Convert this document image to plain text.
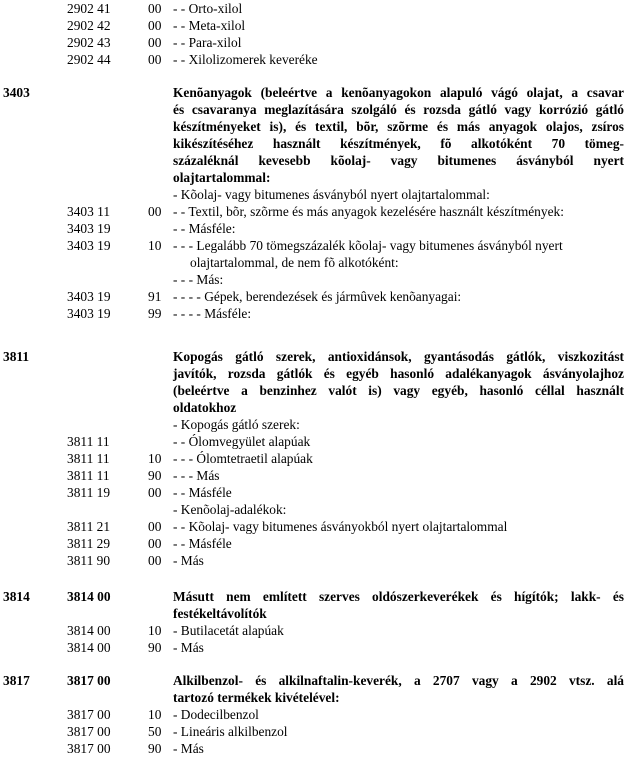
2902 41	00 - - Orto-xilol
2902 42	00 - - Meta-xilol
2902 43	00 - - Para-xilol
2902 44	00 - - Xilolizomerek keveréke
3403	Kenõanyagok (beleértve a kenõanyagokon alapuló vágó olajat, a csavar
és csavaranya meglazítására szolgáló és rozsda gátló vagy korrózió gátló
készítményeket is), és textil, bõr, szõrme és más anyagok olajos, zsíros
kikészítéséhez használt készítmények, fõ alkotóként 70 tömeg-
százaléknál kevesebb kõolaj- vagy bitumenes ásványból nyert
olajtartalommal:
- Kõolaj- vagy bitumenes ásványból nyert olajtartalommal:
3403 11	00 - - Textil, bõr, szõrme és más anyagok kezelésére használt készítmények:
3403 19	- - Másféle:
3403 19	10 - - - Legalább 70 tömegszázalék kõolaj- vagy bitumenes ásványból nyert
olajtartalommal, de nem fõ alkotóként:
- - - Más:
3403 19	91 - - - - Gépek, berendezések és jármûvek kenõanyagai:
3403 19	99 - - - - Másféle:
3811	Kopogás gátló szerek, antioxidánsok, gyantásodás gátlók, viszkozitást
javítók, rozsda gátlók és egyéb hasonló adalékanyagok ásványolajhoz
(beleértve a benzinhez valót is) vagy egyéb, hasonló céllal használt
oldatokhoz
- Kopogás gátló szerek:
3811 11	- - Ólomvegyület alapúak
3811 11	10 - - - Ólomtetraetil alapúak
3811 11	90 - - - Más
3811 19	00 - - Másféle
- Kenõolaj-adalékok:
3811 21	00 - - Kõolaj- vagy bitumenes ásványokból nyert olajtartalommal
3811 29	00 - - Másféle
3811 90	00 - Más
3814	3814 00	Másutt nem említett szerves oldószerkeverékek és hígítók; lakk- és
festékeltávolítók
3814 00	10 - Butilacetát alapúak
3814 00	90 - Más
3817	3817 00	Alkilbenzol- és alkilnaftalin-keverék, a 2707 vagy a 2902 vtsz. alá
tartozó termékek kivételével:
3817 00	10 - Dodecilbenzol
3817 00	50 - Lineáris alkilbenzol
3817 00	90 - Más
